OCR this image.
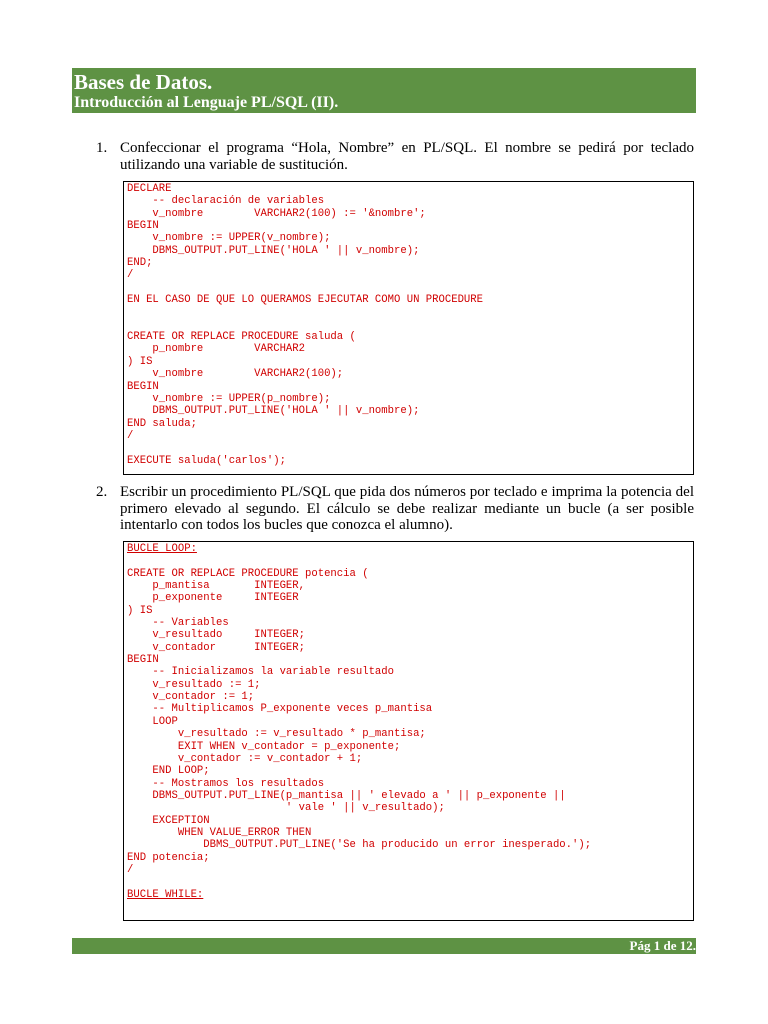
Bases de Datos.
Introducción al Lenguaje PL/SQL (II).
1. Confeccionar el programa “Hola, Nombre” en PL/SQL. El nombre se pedirá por teclado utilizando una variable de sustitución.
DECLARE
-- declaración de variables
v_nombre        VARCHAR2(100) := '&nombre';
BEGIN
v_nombre := UPPER(v_nombre);
DBMS_OUTPUT.PUT_LINE('HOLA ' || v_nombre);
END;
/
EN EL CASO DE QUE LO QUERAMOS EJECUTAR COMO UN PROCEDURE
CREATE OR REPLACE PROCEDURE saluda (
p_nombre        VARCHAR2
) IS
v_nombre        VARCHAR2(100);
BEGIN
v_nombre := UPPER(p_nombre);
DBMS_OUTPUT.PUT_LINE('HOLA ' || v_nombre);
END saluda;
/
EXECUTE saluda('carlos');
2. Escribir un procedimiento PL/SQL que pida dos números por teclado e imprima la potencia del primero elevado al segundo. El cálculo se debe realizar mediante un bucle (a ser posible intentarlo con todos los bucles que conozca el alumno).
BUCLE LOOP:
CREATE OR REPLACE PROCEDURE potencia (
p_mantisa       INTEGER,
p_exponente     INTEGER
) IS
-- Variables
v_resultado     INTEGER;
v_contador      INTEGER;
BEGIN
-- Inicializamos la variable resultado
v_resultado := 1;
v_contador := 1;
-- Multiplicamos P_exponente veces p_mantisa
LOOP
v_resultado := v_resultado * p_mantisa;
EXIT WHEN v_contador = p_exponente;
v_contador := v_contador + 1;
END LOOP;
-- Mostramos los resultados
DBMS_OUTPUT.PUT_LINE(p_mantisa || ' elevado a ' || p_exponente ||
' vale ' || v_resultado);
EXCEPTION
WHEN VALUE_ERROR THEN
DBMS_OUTPUT.PUT_LINE('Se ha producido un error inesperado.');
END potencia;
/
BUCLE WHILE:
Pág 1 de 12.
